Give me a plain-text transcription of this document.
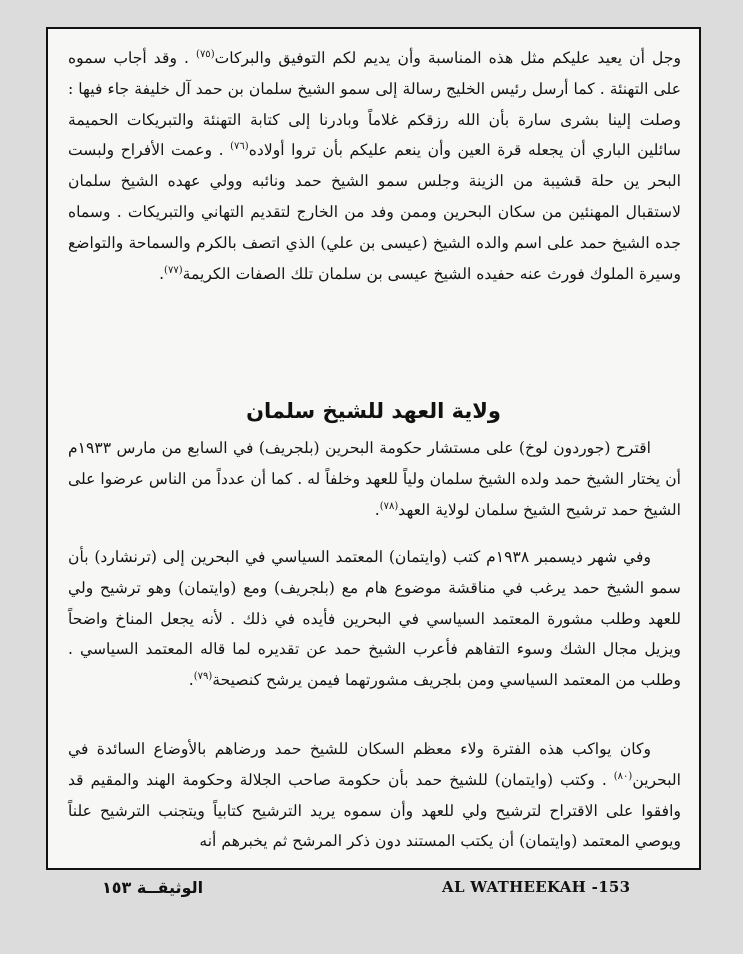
وجل أن يعيد عليكم مثل هذه المناسبة وأن يديم لكم التوفيق والبركات$^{(٧٥)}$ . وقد أجاب سموه على التهنئة . كما أرسل رئيس الخليج رسالة إلى سمو الشيخ سلمان بن حمد آل خليفة جاء فيها : وصلت إلينا بشرى سارة بأن الله رزقكم غلاماً وبادرنا إلى كتابة التهنئة والتبريكات الحميمة سائلين الباري أن يجعله قرة العين وأن ينعم عليكم بأن تروا أولاده$^{(٧٦)}$ . وعمت الأفراح ولبست البحر ين حلة قشيبة من الزينة وجلس سمو الشيخ حمد ونائبه وولي عهده الشيخ سلمان لاستقبال المهنئين من سكان البحرين وممن وفد من الخارج لتقديم التهاني والتبريكات . وسماه جده الشيخ حمد على اسم والده الشيخ (عيسى بن علي) الذي اتصف بالكرم والسماحة والتواضع وسيرة الملوك فورث عنه حفيده الشيخ عيسى بن سلمان تلك الصفات الكريمة$^{(٧٧)}$.

ولاية العهد للشيخ سلمان

اقترح (جوردون لوخ) على مستشار حكومة البحرين (بلجريف) في السابع من مارس ١٩٣٣م أن يختار الشيخ حمد ولده الشيخ سلمان ولياً للعهد وخلفاً له . كما أن عدداً من الناس عرضوا على الشيخ حمد ترشيح الشيخ سلمان لولاية العهد$^{(٧٨)}$.

وفي شهر ديسمبر ١٩٣٨م كتب (وايتمان) المعتمد السياسي في البحرين إلى (ترنشارد) بأن سمو الشيخ حمد يرغب في مناقشة موضوع هام مع (بلجريف) ومع (وايتمان) وهو ترشيح ولي للعهد وطلب مشورة المعتمد السياسي في البحرين فأيده في ذلك . لأنه يجعل المناخ واضحاً ويزيل مجال الشك وسوء التفاهم فأعرب الشيخ حمد عن تقديره لما قاله المعتمد السياسي . وطلب من المعتمد السياسي ومن بلجريف مشورتهما فيمن يرشح كنصيحة$^{(٧٩)}$.

وكان يواكب هذه الفترة ولاء معظم السكان للشيخ حمد ورضاهم بالأوضاع السائدة في البحرين$^{(٨٠)}$ . وكتب (وايتمان) للشيخ حمد بأن حكومة صاحب الجلالة وحكومة الهند والمقيم قد وافقوا على الاقتراح لترشيح ولي للعهد وأن سموه يريد الترشيح كتابياً ويتجنب الترشيح علناً ويوصي المعتمد (وايتمان) أن يكتب المستند دون ذكر المرشح ثم يخبرهم أنه

الوثيقــة ١٥٣	AL WATHEEKAH -153
